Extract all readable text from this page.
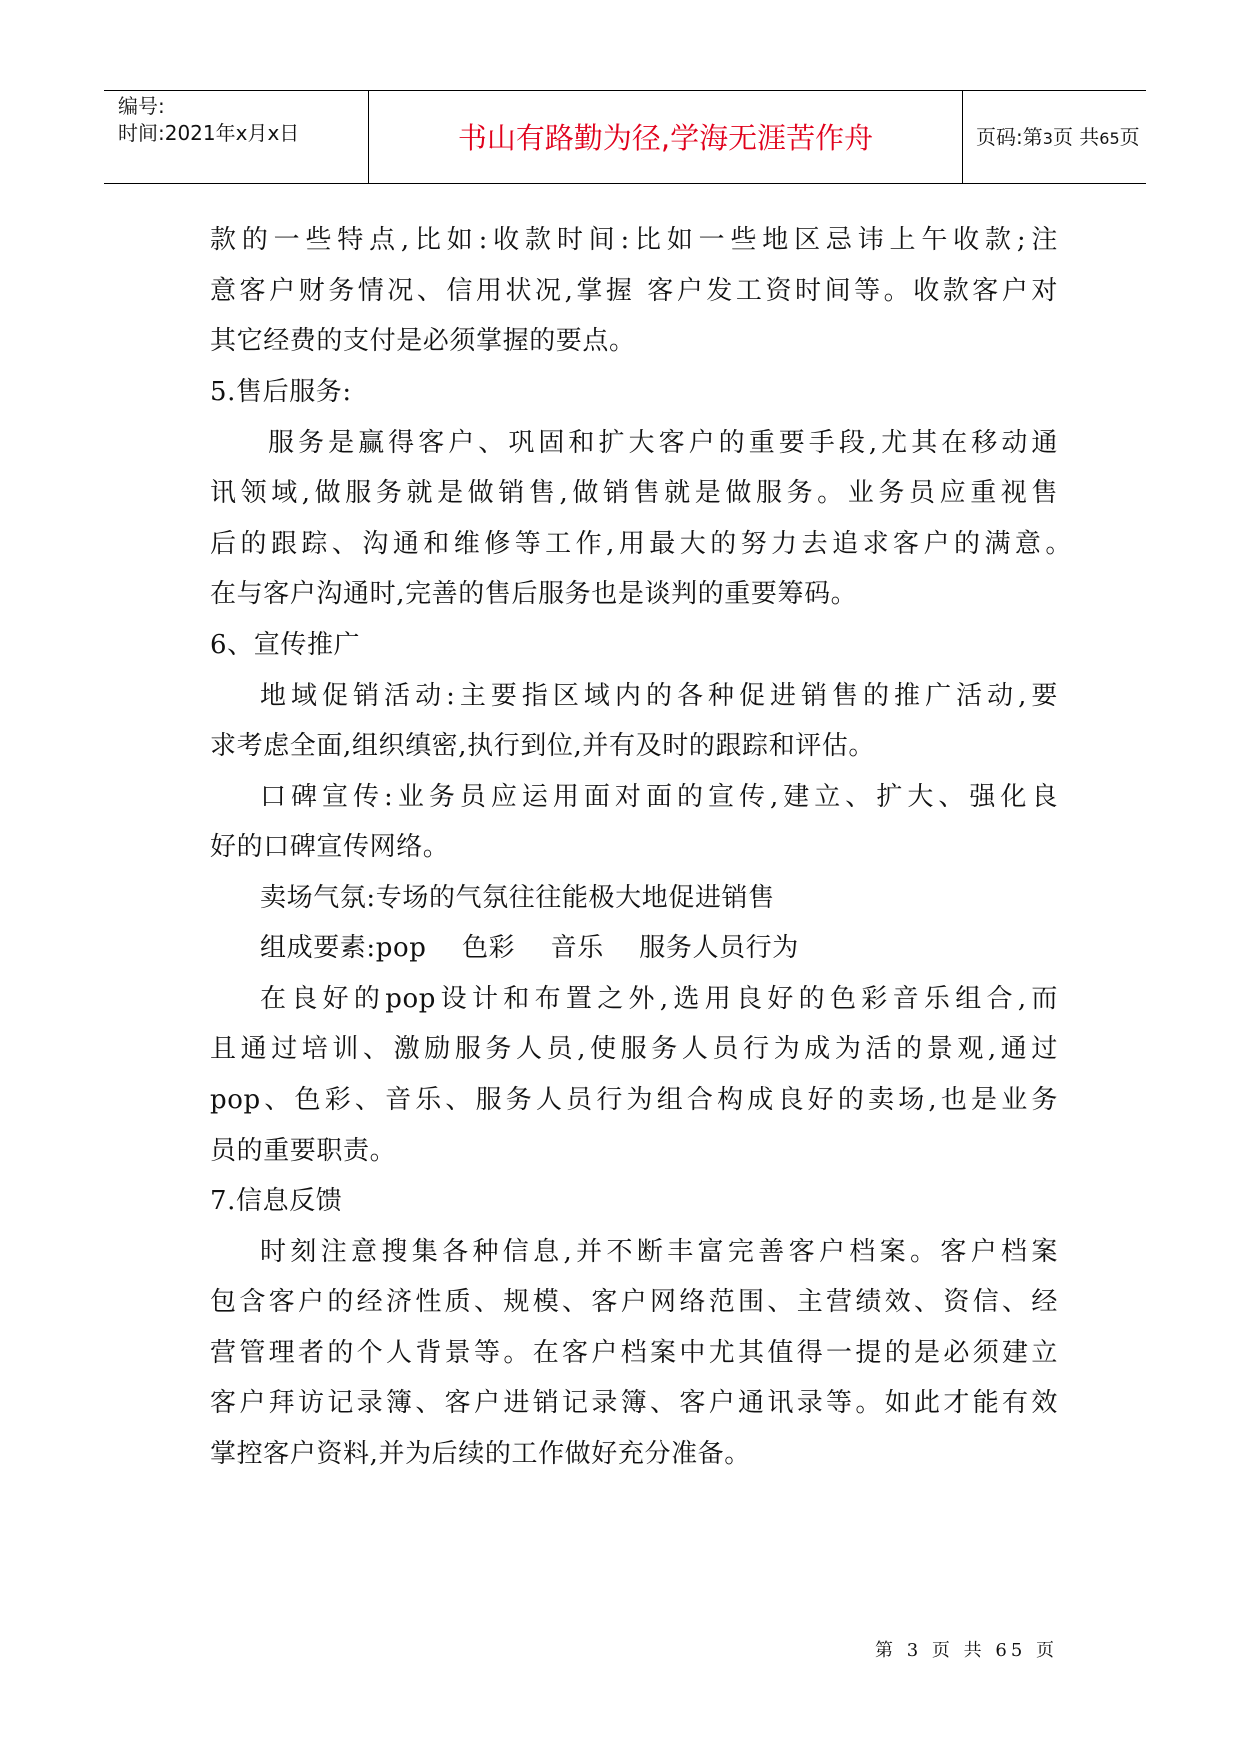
编号:
时间:2021年x月x日	书山有路勤为径,学海无涯苦作舟	页码:第3页 共65页
款的一些特点,比如:收款时间:比如一些地区忌讳上午收款;注
意客户财务情况、信用状况,掌握 客户发工资时间等。收款客户对
其它经费的支付是必须掌握的要点。
5.售后服务:
服务是赢得客户、巩固和扩大客户的重要手段,尤其在移动通
讯领域,做服务就是做销售,做销售就是做服务。业务员应重视售
后的跟踪、沟通和维修等工作,用最大的努力去追求客户的满意。
在与客户沟通时,完善的售后服务也是谈判的重要筹码。
6、宣传推广
地域促销活动:主要指区域内的各种促进销售的推广活动,要
求考虑全面,组织缜密,执行到位,并有及时的跟踪和评估。
口碑宣传:业务员应运用面对面的宣传,建立、扩大、强化良
好的口碑宣传网络。
卖场气氛:专场的气氛往往能极大地促进销售
组成要素:pop    色彩    音乐    服务人员行为
在良好的pop设计和布置之外,选用良好的色彩音乐组合,而
且通过培训、激励服务人员,使服务人员行为成为活的景观,通过
pop、色彩、音乐、服务人员行为组合构成良好的卖场,也是业务
员的重要职责。
7.信息反馈
时刻注意搜集各种信息,并不断丰富完善客户档案。客户档案
包含客户的经济性质、规模、客户网络范围、主营绩效、资信、经
营管理者的个人背景等。在客户档案中尤其值得一提的是必须建立
客户拜访记录簿、客户进销记录簿、客户通讯录等。如此才能有效
掌控客户资料,并为后续的工作做好充分准备。
第 3 页 共 65 页
